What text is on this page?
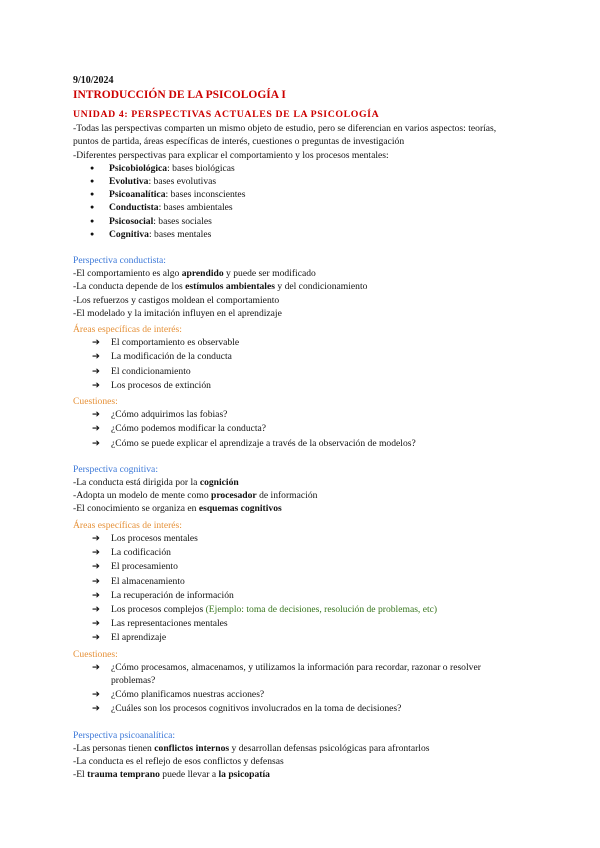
9/10/2024
INTRODUCCIÓN DE LA PSICOLOGÍA I
UNIDAD 4: PERSPECTIVAS ACTUALES DE LA PSICOLOGÍA

-Todas las perspectivas comparten un mismo objeto de estudio, pero se diferencian en varios aspectos: teorías,

puntos de partida, áreas específicas de interés, cuestiones o preguntas de investigación

-Diferentes perspectivas para explicar el comportamiento y los procesos mentales:

● Psicobiológica: bases biológicas
● Evolutiva: bases evolutivas
● Psicoanalítica: bases inconscientes
● Conductista: bases ambientales
● Psicosocial: bases sociales
● Cognitiva: bases mentales
Perspectiva conductista:

-El comportamiento es algo aprendido y puede ser modificado

-La conducta depende de los estímulos ambientales y del condicionamiento

-Los refuerzos y castigos moldean el comportamiento

-El modelado y la imitación influyen en el aprendizaje

Áreas específicas de interés:
➔ El comportamiento es observable
➔ La modificación de la conducta
➔ El condicionamiento
➔ Los procesos de extinción
Cuestiones:
➔ ¿Cómo adquirimos las fobias?
➔ ¿Cómo podemos modificar la conducta?
➔ ¿Cómo se puede explicar el aprendizaje a través de la observación de modelos?
Perspectiva cognitiva:

-La conducta está dirigida por la cognición

-Adopta un modelo de mente como procesador de información

-El conocimiento se organiza en esquemas cognitivos

Áreas específicas de interés:
➔ Los procesos mentales
➔ La codificación
➔ El procesamiento
➔ El almacenamiento
➔ La recuperación de información
➔ Los procesos complejos (Ejemplo: toma de decisiones, resolución de problemas, etc)
➔ Las representaciones mentales
➔ El aprendizaje
Cuestiones:
➔ ¿Cómo procesamos, almacenamos, y utilizamos la información para recordar, razonar o resolver
problemas?
➔ ¿Cómo planificamos nuestras acciones?
➔ ¿Cuáles son los procesos cognitivos involucrados en la toma de decisiones?
Perspectiva psicoanalítica:

-Las personas tienen conflictos internos y desarrollan defensas psicológicas para afrontarlos

-La conducta es el reflejo de esos conflictos y defensas

-El trauma temprano puede llevar a la psicopatía
